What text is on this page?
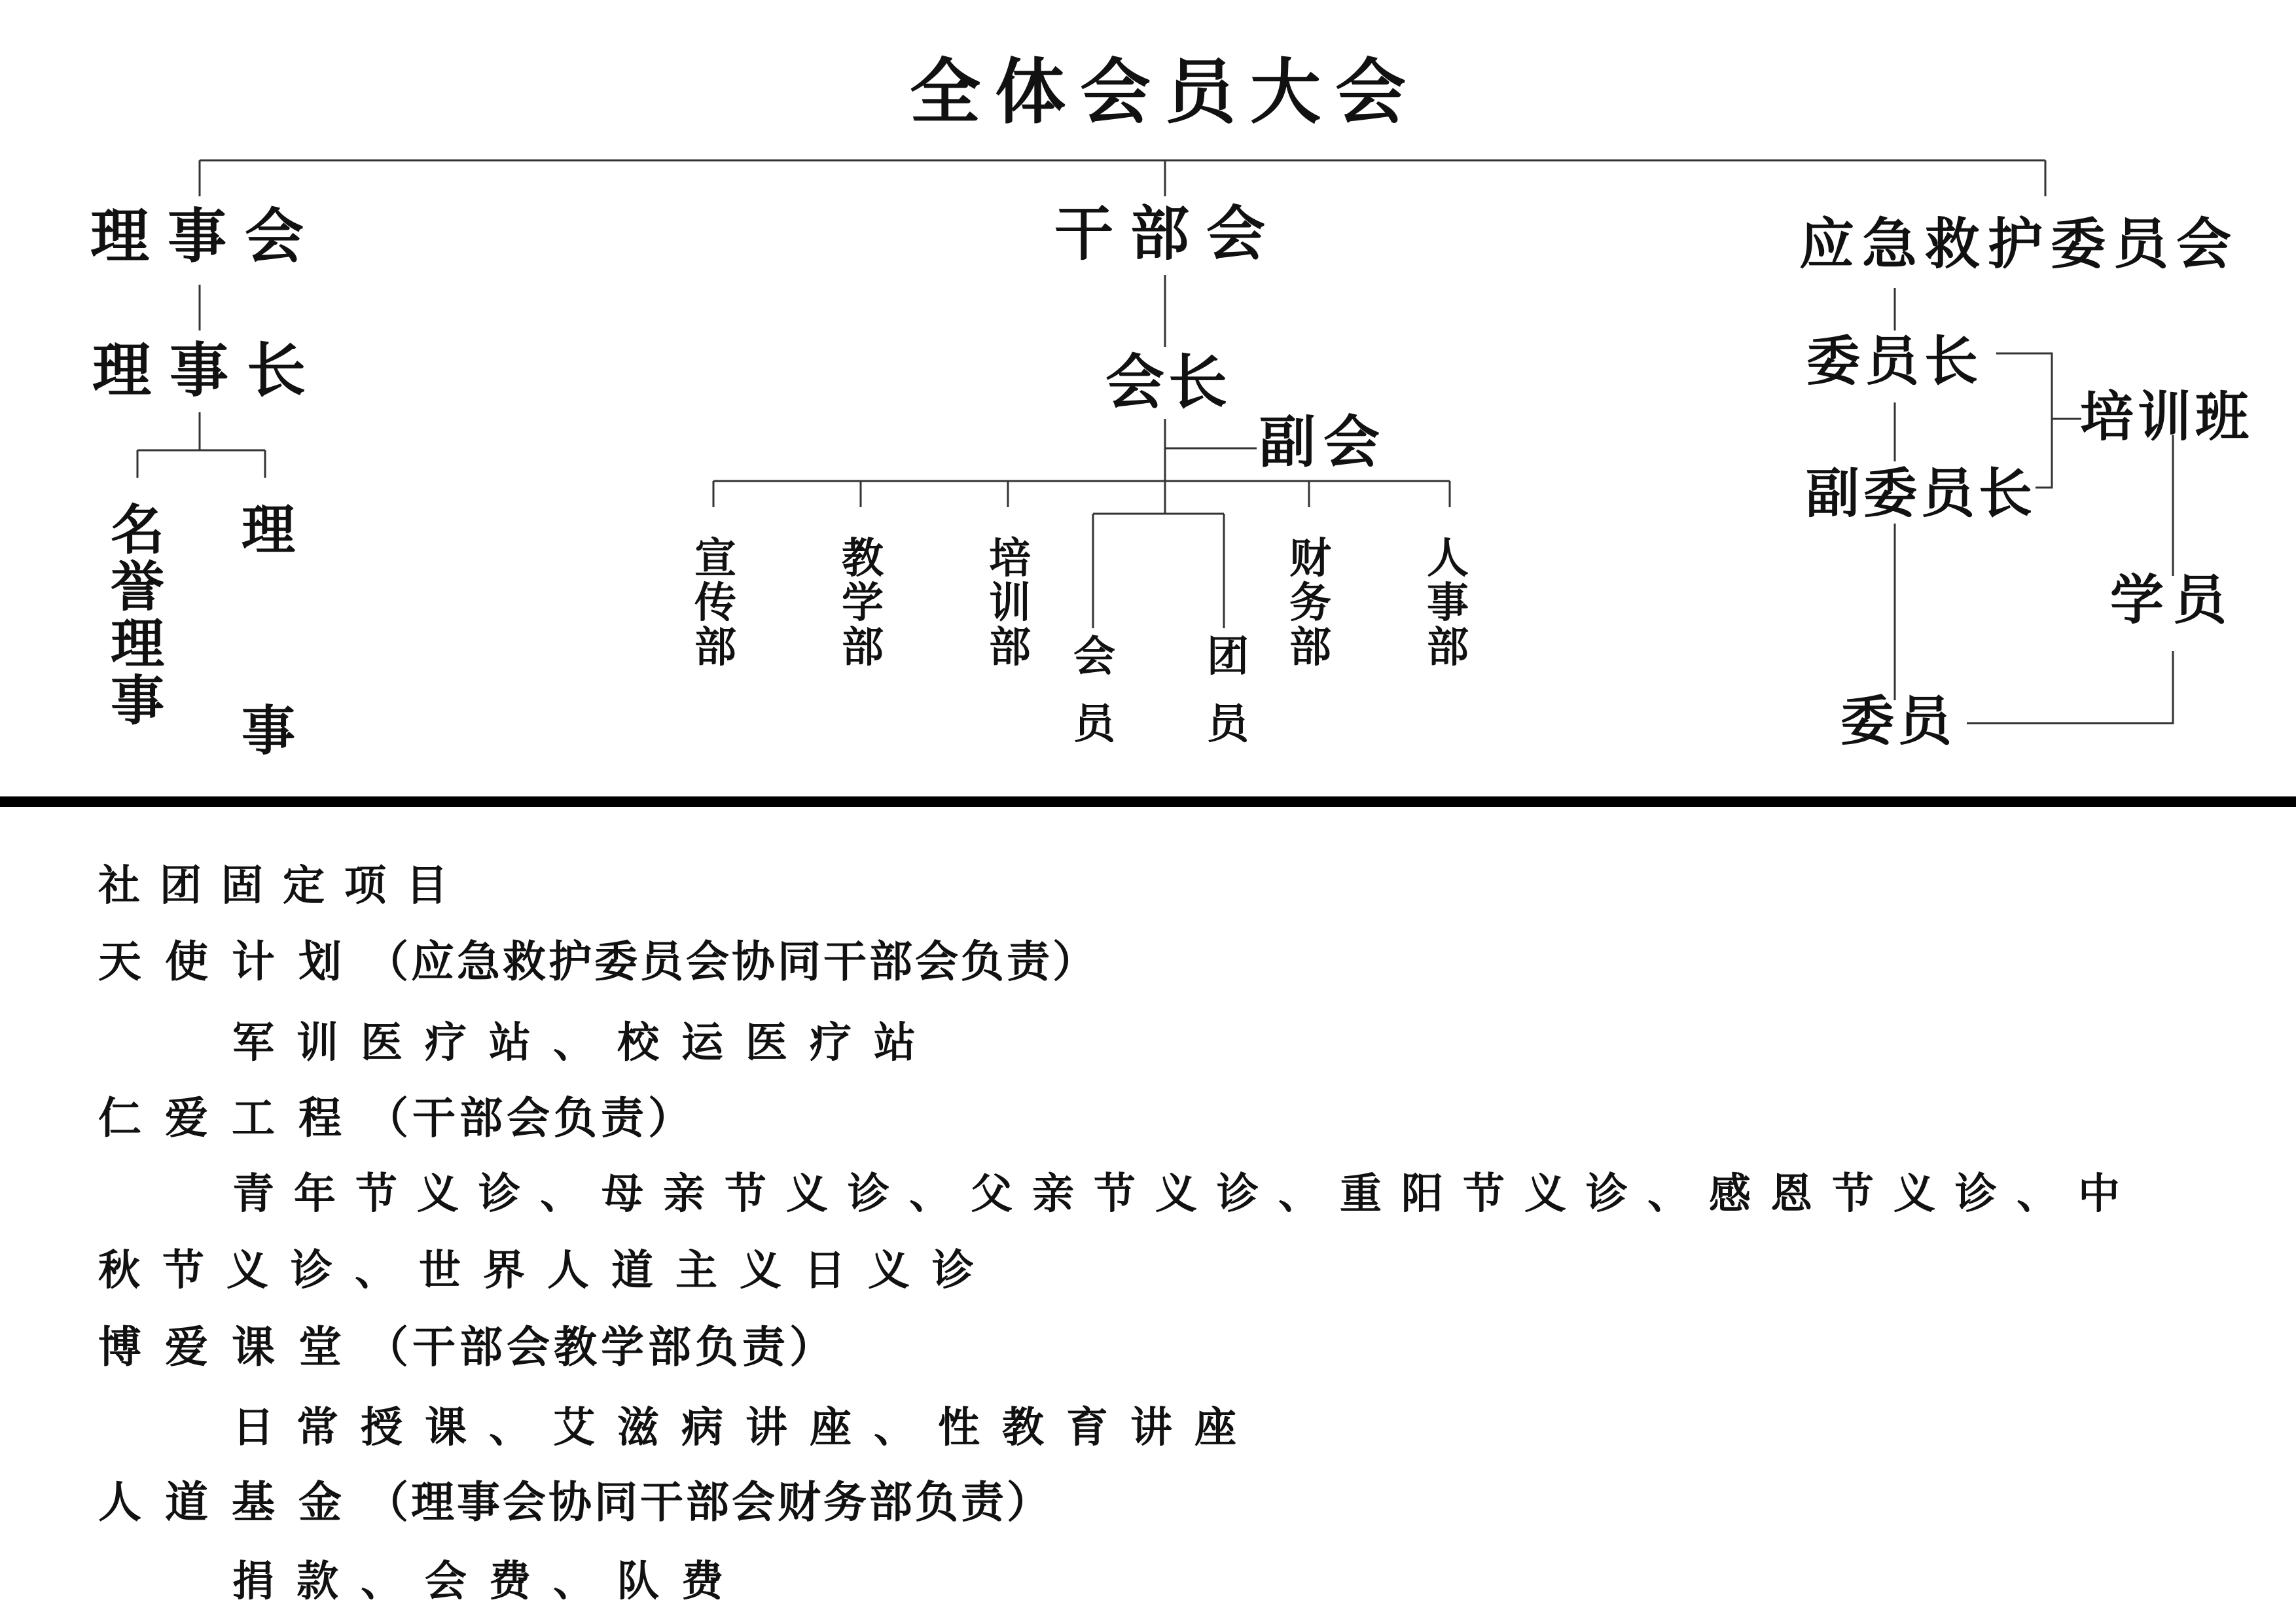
全体会员大会
理事会
理事长
名
誉
理
事
理
事
干部会
会长
副会
宣
传
部
教
学
部
培
训
部
财
务
部
人
事
部
会
员
团
员
应急救护委员会
委员长
副委员长
培训班
学员
委员
社团固定项目
天使计划（应急救护委员会协同干部会负责）
军训医疗站、校运医疗站
仁爱工程（干部会负责）
青年节义诊、母亲节义诊、父亲节义诊、重阳节义诊、感恩节义诊、中
秋节义诊、世界人道主义日义诊
博爱课堂（干部会教学部负责）
日常授课、艾滋病讲座、性教育讲座
人道基金（理事会协同干部会财务部负责）
捐款、会费、队费
